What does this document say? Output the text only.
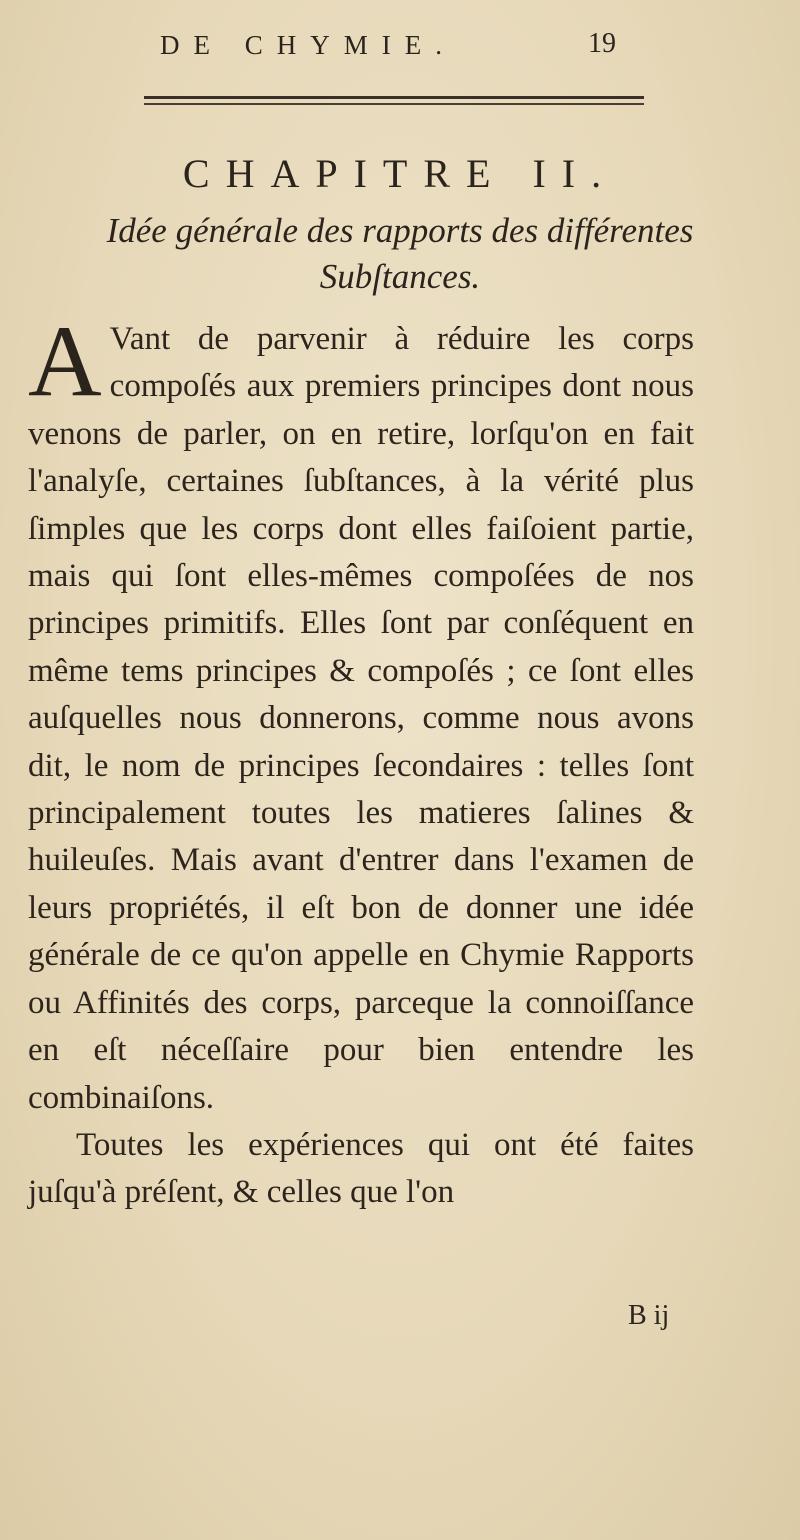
DE CHYMIE.	19
CHAPITRE II.
Idée générale des rapports des différentes
Subſtances.

A Vant de parvenir à réduire les corps compoſés aux premiers principes dont nous venons de parler, on en retire, lorſqu'on en fait l'analyſe, certaines ſubſtances, à la vérité plus ſimples que les corps dont elles faiſoient partie, mais qui ſont elles-mêmes compoſées de nos principes primitifs. Elles ſont par conſéquent en même tems principes & compoſés ; ce ſont elles auſquelles nous donnerons, comme nous avons dit, le nom de principes ſecondaires : telles ſont principalement toutes les matieres ſalines & huileuſes. Mais avant d'entrer dans l'examen de leurs propriétés, il eſt bon de donner une idée générale de ce qu'on appelle en Chymie Rapports ou Affinités des corps, parceque la connoiſſance en eſt néceſſaire pour bien entendre les combinaiſons.

Toutes les expériences qui ont été faites juſqu'à préſent, & celles que l'on

B ij
